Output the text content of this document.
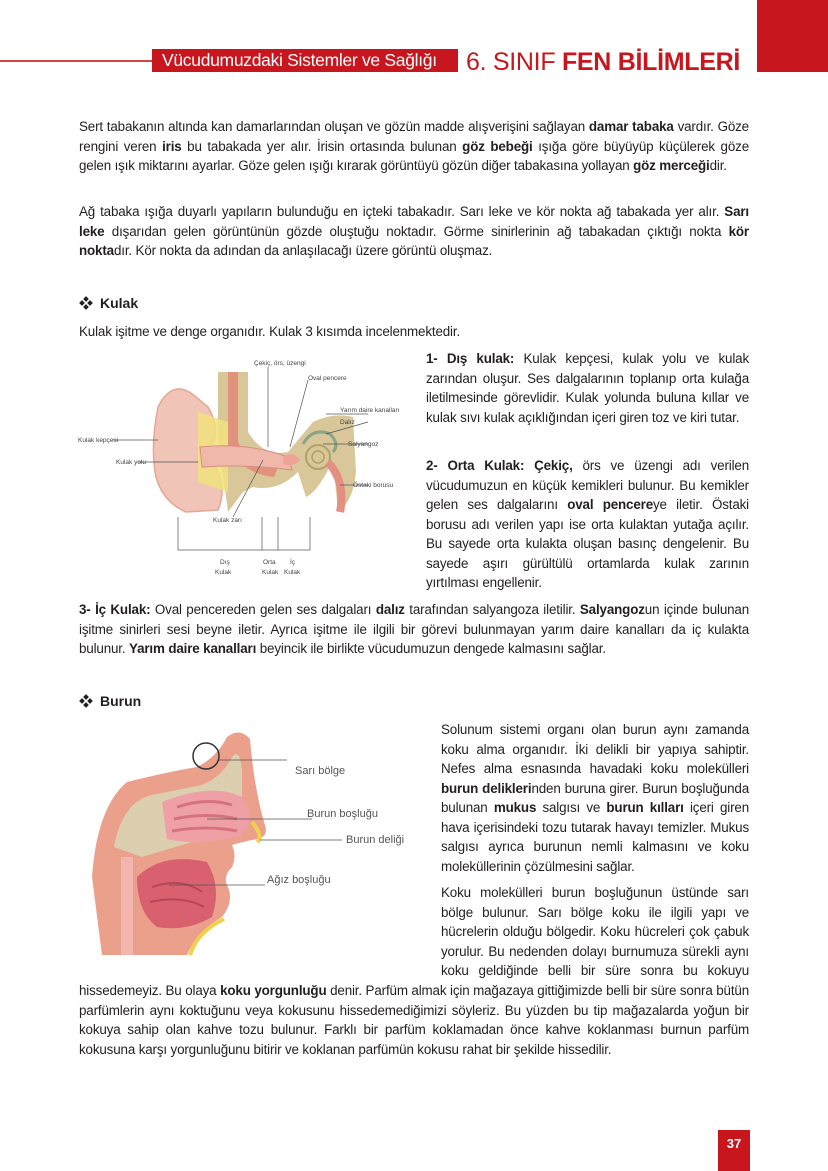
Vücudumuzdaki Sistemler ve Sağlığı	6. SINIF FEN BİLİMLERİ
Sert tabakanın altında kan damarlarından oluşan ve gözün madde alışverişini sağlayan damar tabaka vardır. Göze rengini veren iris bu tabakada yer alır. İrisin ortasında bulunan göz bebeği ışığa göre büyüyüp küçülerek göze gelen ışık miktarını ayarlar. Göze gelen ışığı kırarak görüntüyü gözün diğer tabakasına yollayan göz merceğidir.
Ağ tabaka ışığa duyarlı yapıların bulunduğu en içteki tabakadır. Sarı leke ve kör nokta ağ tabakada yer alır. Sarı leke dışarıdan gelen görüntünün gözde oluştuğu noktadır. Görme sinirlerinin ağ tabakadan çıktığı nokta kör noktadır. Kör nokta da adından da anlaşılacağı üzere görüntü oluşmaz.
Kulak
Kulak işitme ve denge organıdır. Kulak 3 kısımda incelenmektedir.
Kulak kepçesi
Kulak yolu
Çekiç, örs, üzengi
Oval pencere
Yarım daire kanalları
Dalız
Salyangoz
Östaki borusu
Kulak zarı
Dış
Kulak
Orta
Kulak
İç
Kulak
1- Dış kulak: Kulak kepçesi, kulak yolu ve kulak zarından oluşur. Ses dalgalarının toplanıp orta kulağa iletilmesinde görevlidir. Kulak yolunda buluna kıllar ve kulak sıvı kulak açıklığından içeri giren toz ve kiri tutar.
2- Orta Kulak: Çekiç, örs ve üzengi adı verilen vücudumuzun en küçük kemikleri bulunur. Bu kemikler gelen ses dalgalarını oval pencereye iletir. Östaki borusu adı verilen yapı ise orta kulaktan yutağa açılır. Bu sayede orta kulakta oluşan basınç dengelenir. Bu sayede aşırı gürültülü ortamlarda kulak zarının yırtılması engellenir.
3- İç Kulak: Oval pencereden gelen ses dalgaları dalız tarafından salyangoza iletilir. Salyangozun içinde bulunan işitme sinirleri sesi beyne iletir. Ayrıca işitme ile ilgili bir görevi bulunmayan yarım daire kanalları da iç kulakta bulunur. Yarım daire kanalları beyincik ile birlikte vücudumuzun dengede kalmasını sağlar.
Burun
Sarı bölge
Burun boşluğu
Burun deliği
Ağız boşluğu
Solunum sistemi organı olan burun aynı zamanda koku alma organıdır. İki delikli bir yapıya sahiptir. Nefes alma esnasında havadaki koku molekülleri burun deliklerinden buruna girer. Burun boşluğunda bulunan mukus salgısı ve burun kılları içeri giren hava içerisindeki tozu tutarak havayı temizler. Mukus salgısı ayrıca burunun nemli kalmasını ve koku moleküllerinin çözülmesini sağlar.
Koku molekülleri burun boşluğunun üstünde sarı bölge bulunur. Sarı bölge koku ile ilgili yapı ve hücrelerin olduğu bölgedir. Koku hücreleri çok çabuk yorulur. Bu nedenden dolayı burnumuza sürekli aynı koku geldiğinde belli bir süre sonra bu kokuyu
hissedemeyiz. Bu olaya koku yorgunluğu denir. Parfüm almak için mağazaya gittiğimizde belli bir süre sonra bütün parfümlerin aynı koktuğunu veya kokusunu hissedemediğimizi söyleriz. Bu yüzden bu tip mağazalarda yoğun bir kokuya sahip olan kahve tozu bulunur. Farklı bir parfüm koklamadan önce kahve koklanması burnun parfüm kokusuna karşı yorgunluğunu bitirir ve koklanan parfümün kokusu rahat bir şekilde hissedilir.
37
